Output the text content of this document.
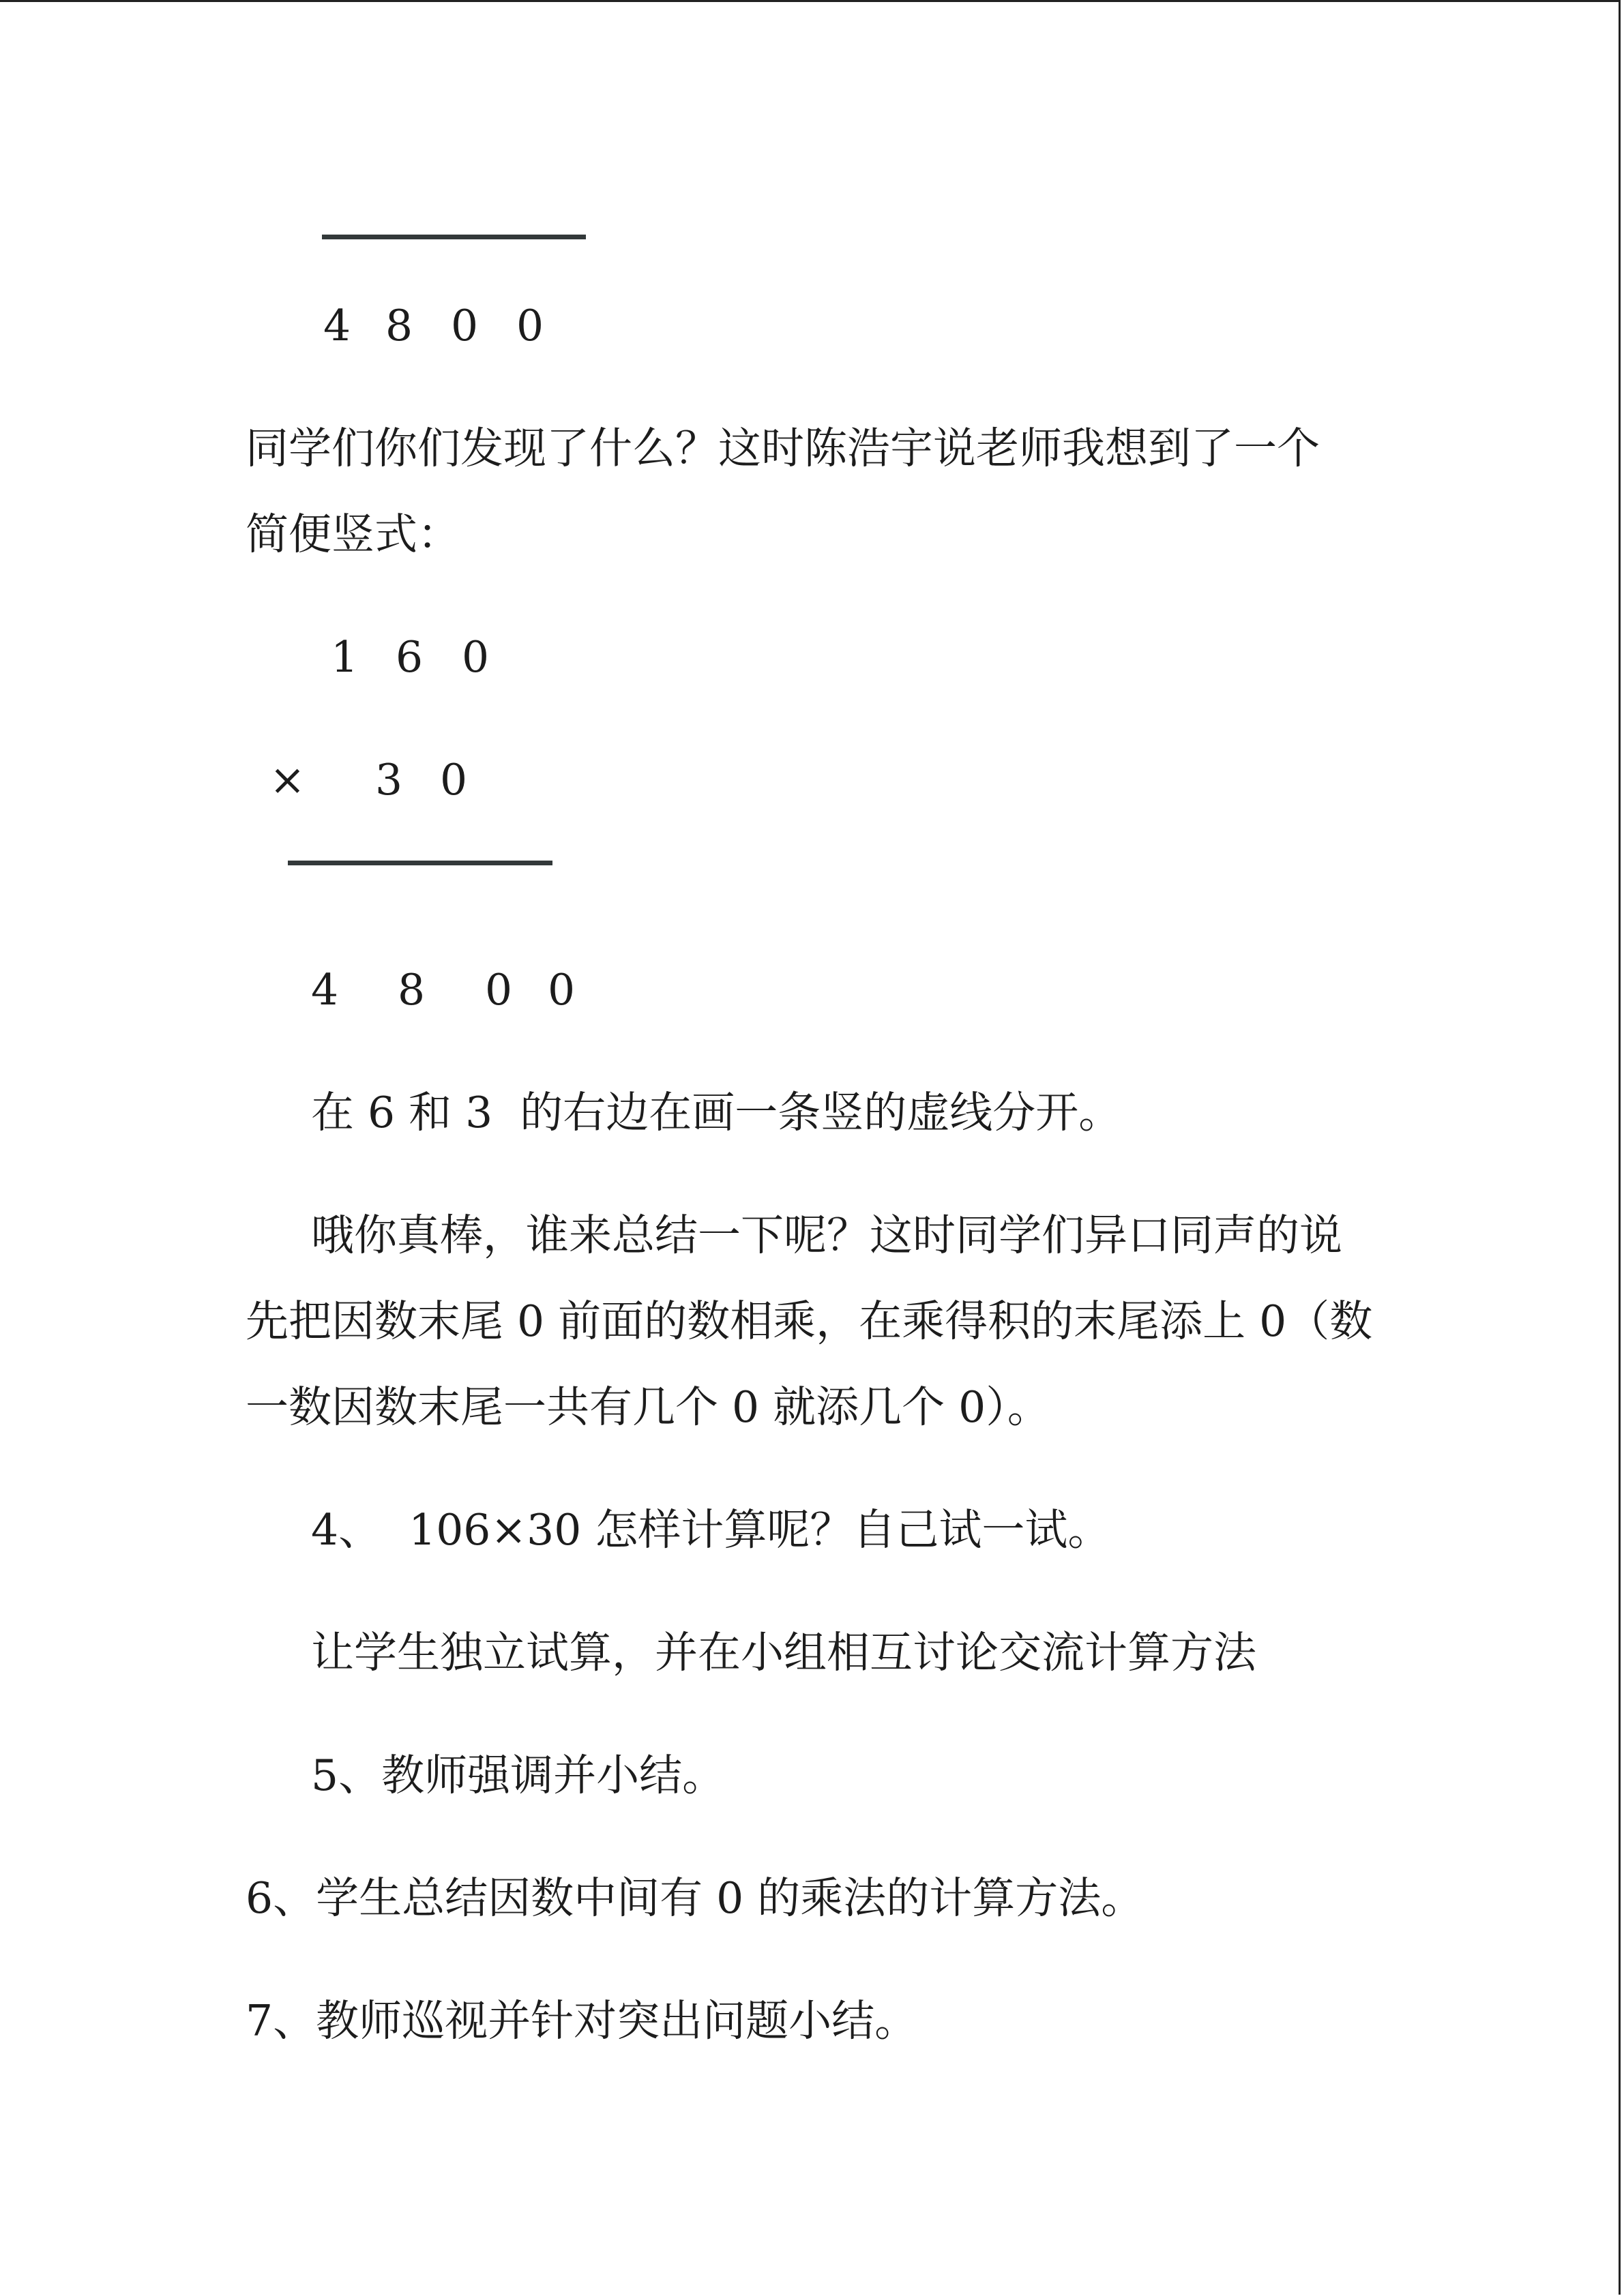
4 8 0 0
同学们你们发现了什么？这时陈浩宇说老师我想到了一个
简便竖式：
1 6 0
× 3 0
4 8 0 0
在 6 和 3  的右边在画一条竖的虚线分开。
哦你真棒，谁来总结一下呢？这时同学们异口同声的说
先把因数末尾 0 前面的数相乘，在乘得积的末尾添上 0（数
一数因数末尾一共有几个 0 就添几个 0）。
4、  106×30 怎样计算呢？自己试一试。
让学生独立试算，并在小组相互讨论交流计算方法
5、教师强调并小结。
6、学生总结因数中间有 0 的乘法的计算方法。
7、教师巡视并针对突出问题小结。
